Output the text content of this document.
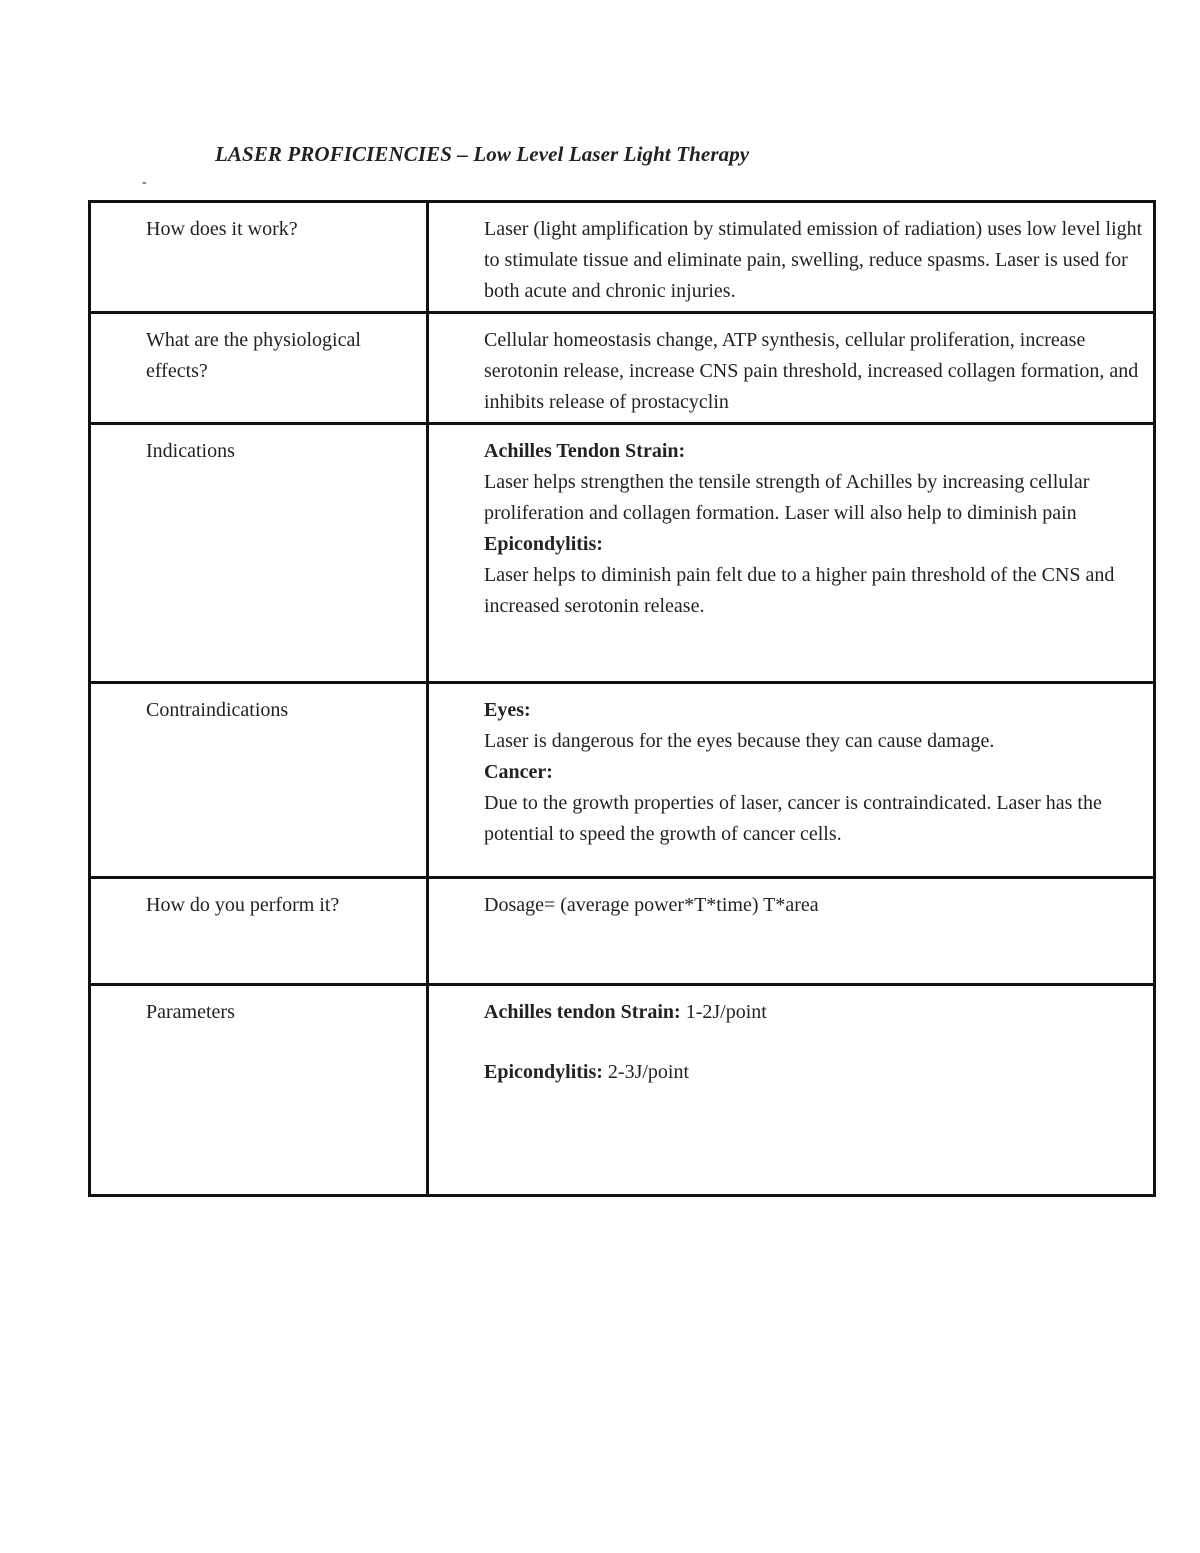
LASER PROFICIENCIES – Low Level Laser Light Therapy
-
How does it work?	Laser (light amplification by stimulated emission of radiation) uses low level light to stimulate tissue and eliminate pain, swelling, reduce spasms. Laser is used for both acute and chronic injuries.
What are the physiological effects?	Cellular homeostasis change, ATP synthesis, cellular proliferation, increase serotonin release, increase CNS pain threshold, increased collagen formation, and inhibits release of prostacyclin
Indications	Achilles Tendon Strain:
Laser helps strengthen the tensile strength of Achilles by increasing cellular proliferation and collagen formation. Laser will also help to diminish pain
Epicondylitis:
Laser helps to diminish pain felt due to a higher pain threshold of the CNS and increased serotonin release.

Contraindications	Eyes:
Laser is dangerous for the eyes because they can cause damage.
Cancer:
Due to the growth properties of laser, cancer is contraindicated. Laser has the potential to speed the growth of cancer cells.

How do you perform it?	Dosage= (average power*T*time) T*area
Parameters	Achilles tendon Strain: 1-2J/point
Epicondylitis: 2-3J/point
